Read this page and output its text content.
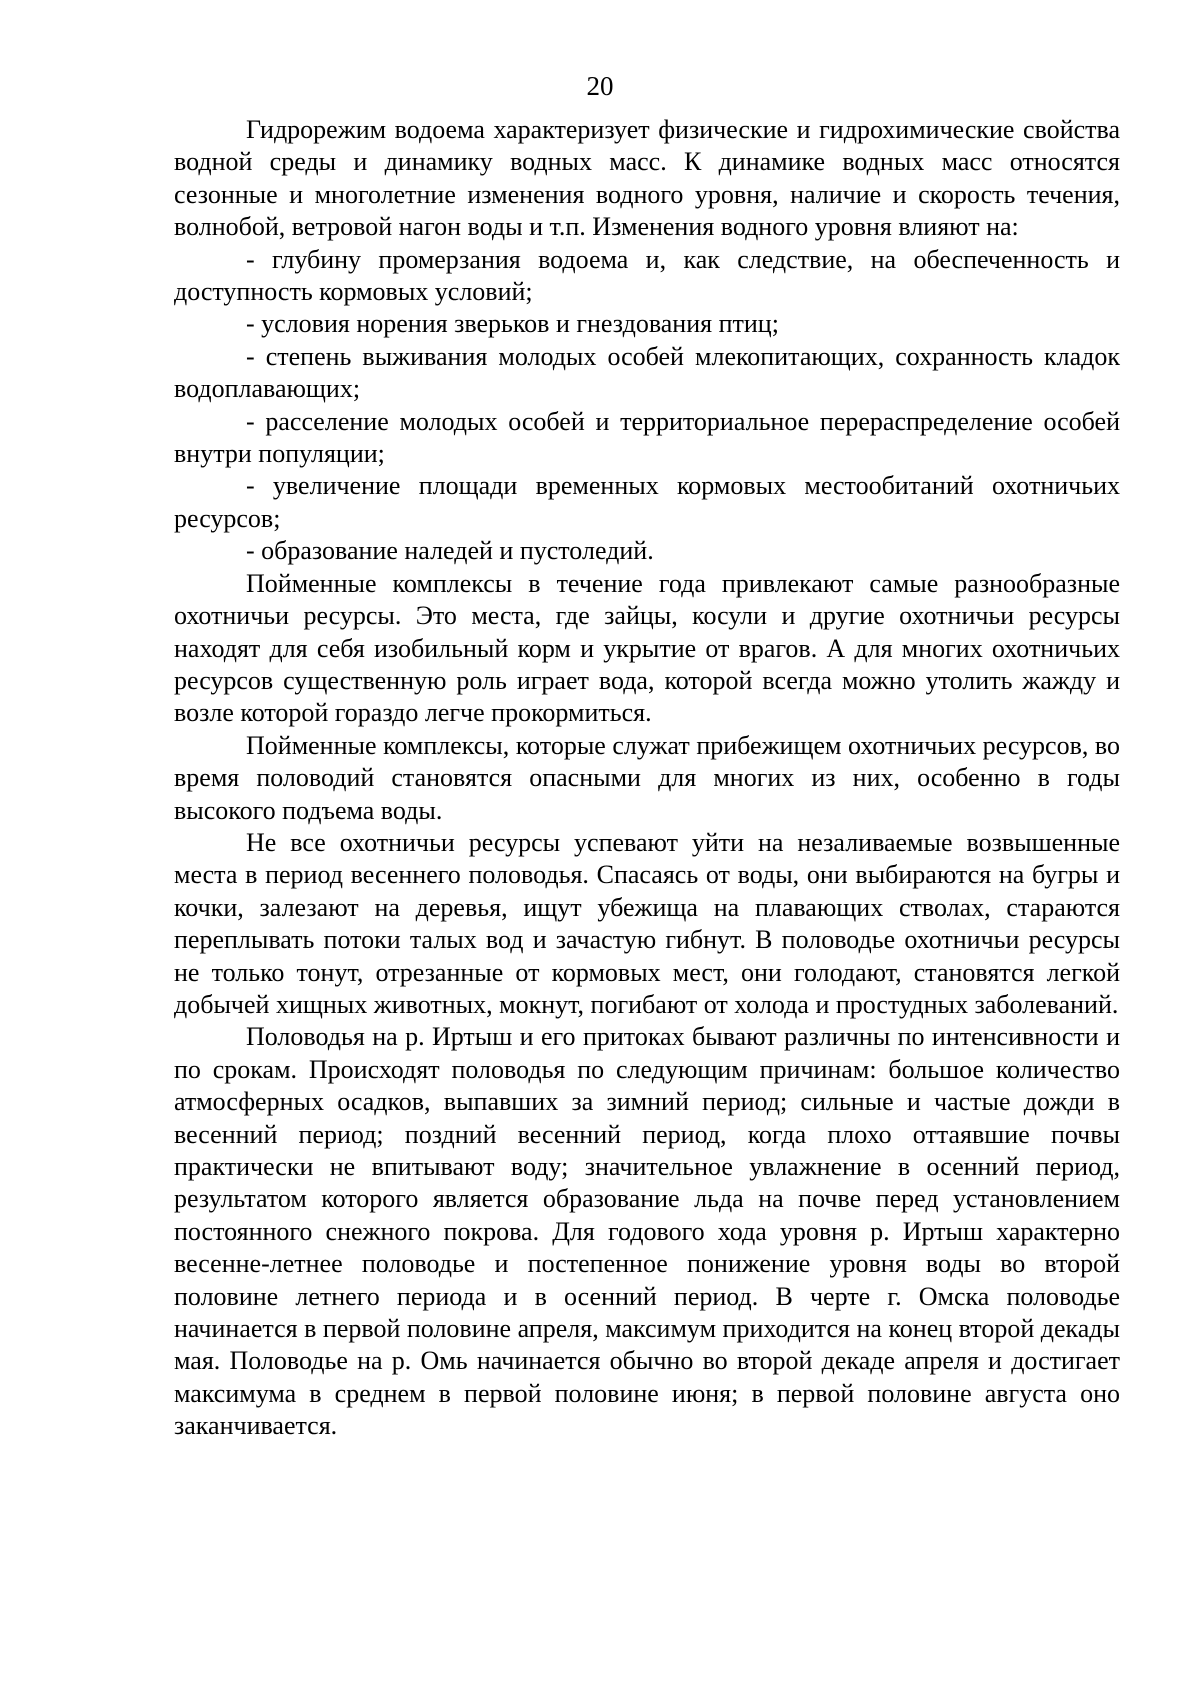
20

Гидрорежим водоема характеризует физические и гидрохимические свойства водной среды и динамику водных масс. К динамике водных масс относятся сезонные и многолетние изменения водного уровня, наличие и скорость течения, волнобой, ветровой нагон воды и т.п. Изменения водного уровня влияют на:

- глубину промерзания водоема и, как следствие, на обеспеченность и доступность кормовых условий;

- условия норения зверьков и гнездования птиц;

- степень выживания молодых особей млекопитающих, сохранность кладок водоплавающих;

- расселение молодых особей и территориальное перераспределение особей внутри популяции;

- увеличение площади временных кормовых местообитаний охотничьих ресурсов;

- образование наледей и пустоледий.

Пойменные комплексы в течение года привлекают самые разнообразные охотничьи ресурсы. Это места, где зайцы, косули и другие охотничьи ресурсы находят для себя изобильный корм и укрытие от врагов. А для многих охотничьих ресурсов существенную роль играет вода, которой всегда можно утолить жажду и возле которой гораздо легче прокормиться.

Пойменные комплексы, которые служат прибежищем охотничьих ресурсов, во время половодий становятся опасными для многих из них, особенно в годы высокого подъема воды.

Не все охотничьи ресурсы успевают уйти на незаливаемые возвышенные места в период весеннего половодья. Спасаясь от воды, они выбираются на бугры и кочки, залезают на деревья, ищут убежища на плавающих стволах, стараются переплывать потоки талых вод и зачастую гибнут. В половодье охотничьи ресурсы не только тонут, отрезанные от кормовых мест, они голодают, становятся легкой добычей хищных животных, мокнут, погибают от холода и простудных заболеваний.

Половодья на р. Иртыш и его притоках бывают различны по интенсивности и по срокам. Происходят половодья по следующим причинам: большое количество атмосферных осадков, выпавших за зимний период; сильные и частые дожди в весенний период; поздний весенний период, когда плохо оттаявшие почвы практически не впитывают воду; значительное увлажнение в осенний период, результатом которого является образование льда на почве перед установлением постоянного снежного покрова. Для годового хода уровня р. Иртыш характерно весенне-летнее половодье и постепенное понижение уровня воды во второй половине летнего периода и в осенний период. В черте г. Омска половодье начинается в первой половине апреля, максимум приходится на конец второй декады мая. Половодье на р. Омь начинается обычно во второй декаде апреля и достигает максимума в среднем в первой половине июня; в первой половине августа оно заканчивается.
